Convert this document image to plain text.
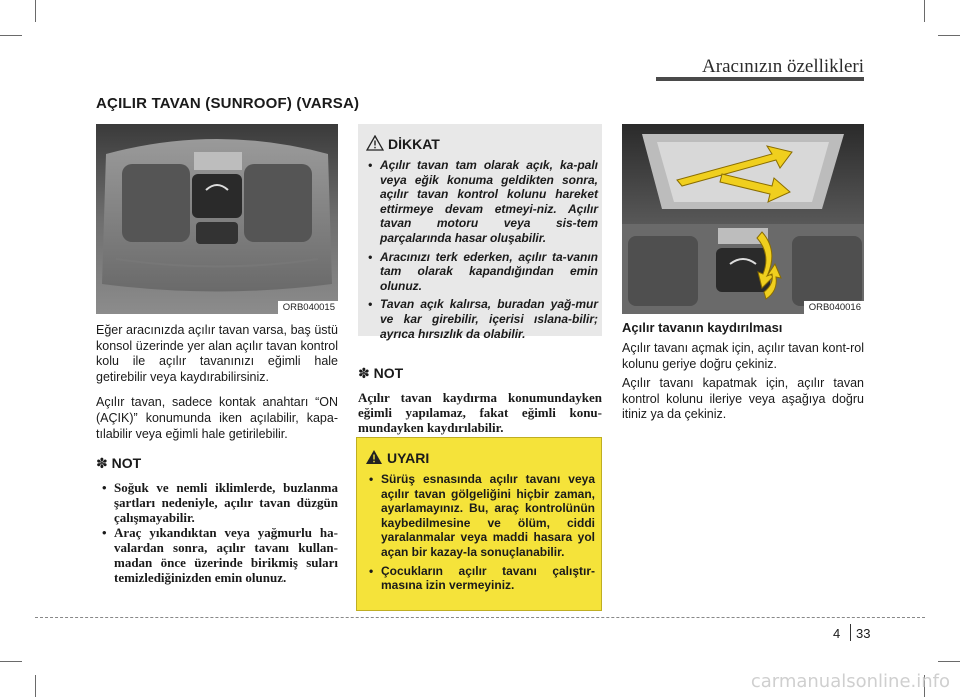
Aracınızın özellikleri
AÇILIR TAVAN (SUNROOF) (VARSA)
ORB040015

Eğer aracınızda açılır tavan varsa, baş üstü konsol üzerinde yer alan açılır tavan kontrol kolu ile açılır tavanınızı eğimli hale getirebilir veya kaydırabilirsiniz.

Açılır tavan, sadece kontak anahtarı “ON (AÇIK)” konumunda iken açılabilir, kapa-tılabilir veya eğimli hale getirilebilir.

✽ NOT
• Soğuk ve nemli iklimlerde, buzlanma şartları nedeniyle, açılır tavan düzgün çalışmayabilir.
• Araç yıkandıktan veya yağmurlu ha-valardan sonra, açılır tavanı kullan-madan önce üzerinde birikmiş suları temizlediğinizden emin olunuz.
DİKKAT
• Açılır tavan tam olarak açık, ka-palı veya eğik konuma geldikten sonra, açılır tavan kontrol kolunu hareket ettirmeye devam etmeyi-niz. Açılır tavan motoru veya sis-tem parçalarında hasar oluşabilir.
• Aracınızı terk ederken, açılır ta-vanın tam olarak kapandığından emin olunuz.
• Tavan açık kalırsa, buradan yağ-mur ve kar girebilir, içerisi ıslana-bilir; ayrıca hırsızlık da olabilir.
✽ NOT
Açılır tavan kaydırma konumundayken eğimli yapılamaz, fakat eğimli konu-mundayken kaydırılabilir.
UYARI
• Sürüş esnasında açılır tavanı veya açılır tavan gölgeliğini hiçbir zaman, ayarlamayınız. Bu, araç kontrolünün kaybedilmesine ve ölüm, ciddi yaralanmalar veya maddi hasara yol açan bir kazay-la sonuçlanabilir.
• Çocukların açılır tavanı çalıştır-masına izin vermeyiniz.
ORB040016
Açılır tavanın kaydırılması

Açılır tavanı açmak için, açılır tavan kont-rol kolunu geriye doğru çekiniz.

Açılır tavanı kapatmak için, açılır tavan kontrol kolunu ileriye veya aşağıya doğru itiniz ya da çekiniz.

4 33
carmanualsonline.info
